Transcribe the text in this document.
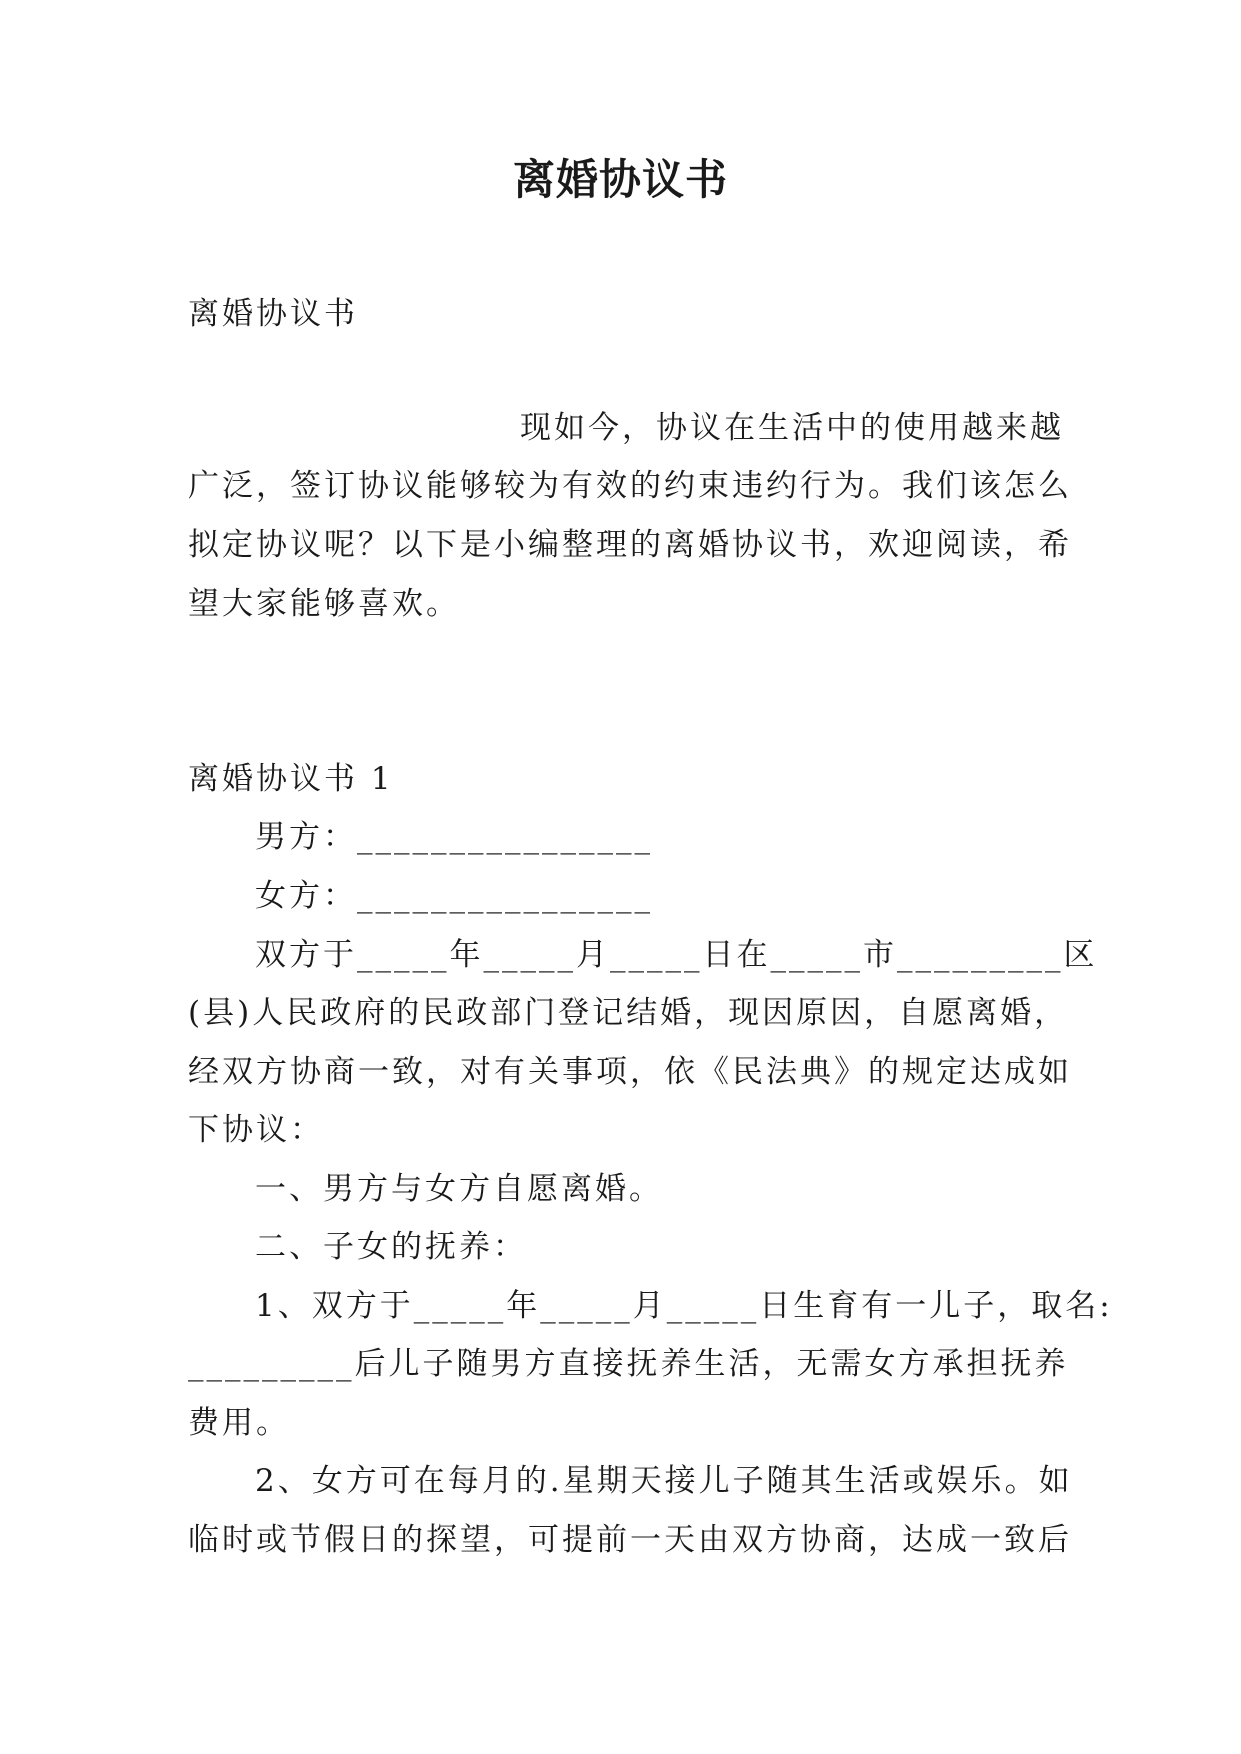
离婚协议书
离婚协议书
现如今，协议在生活中的使用越来越
广泛，签订协议能够较为有效的约束违约行为。我们该怎么
拟定协议呢？以下是小编整理的离婚协议书，欢迎阅读，希
望大家能够喜欢。
离婚协议书 1
男方：________________
女方：________________
双方于_____年_____月_____日在_____市_________区
(县)人民政府的民政部门登记结婚，现因原因，自愿离婚，
经双方协商一致，对有关事项，依《民法典》的规定达成如
下协议：
一、男方与女方自愿离婚。
二、子女的抚养：
1、双方于_____年_____月_____日生育有一儿子，取名:
_________后儿子随男方直接抚养生活，无需女方承担抚养
费用。
2、女方可在每月的.星期天接儿子随其生活或娱乐。如
临时或节假日的探望，可提前一天由双方协商，达成一致后
